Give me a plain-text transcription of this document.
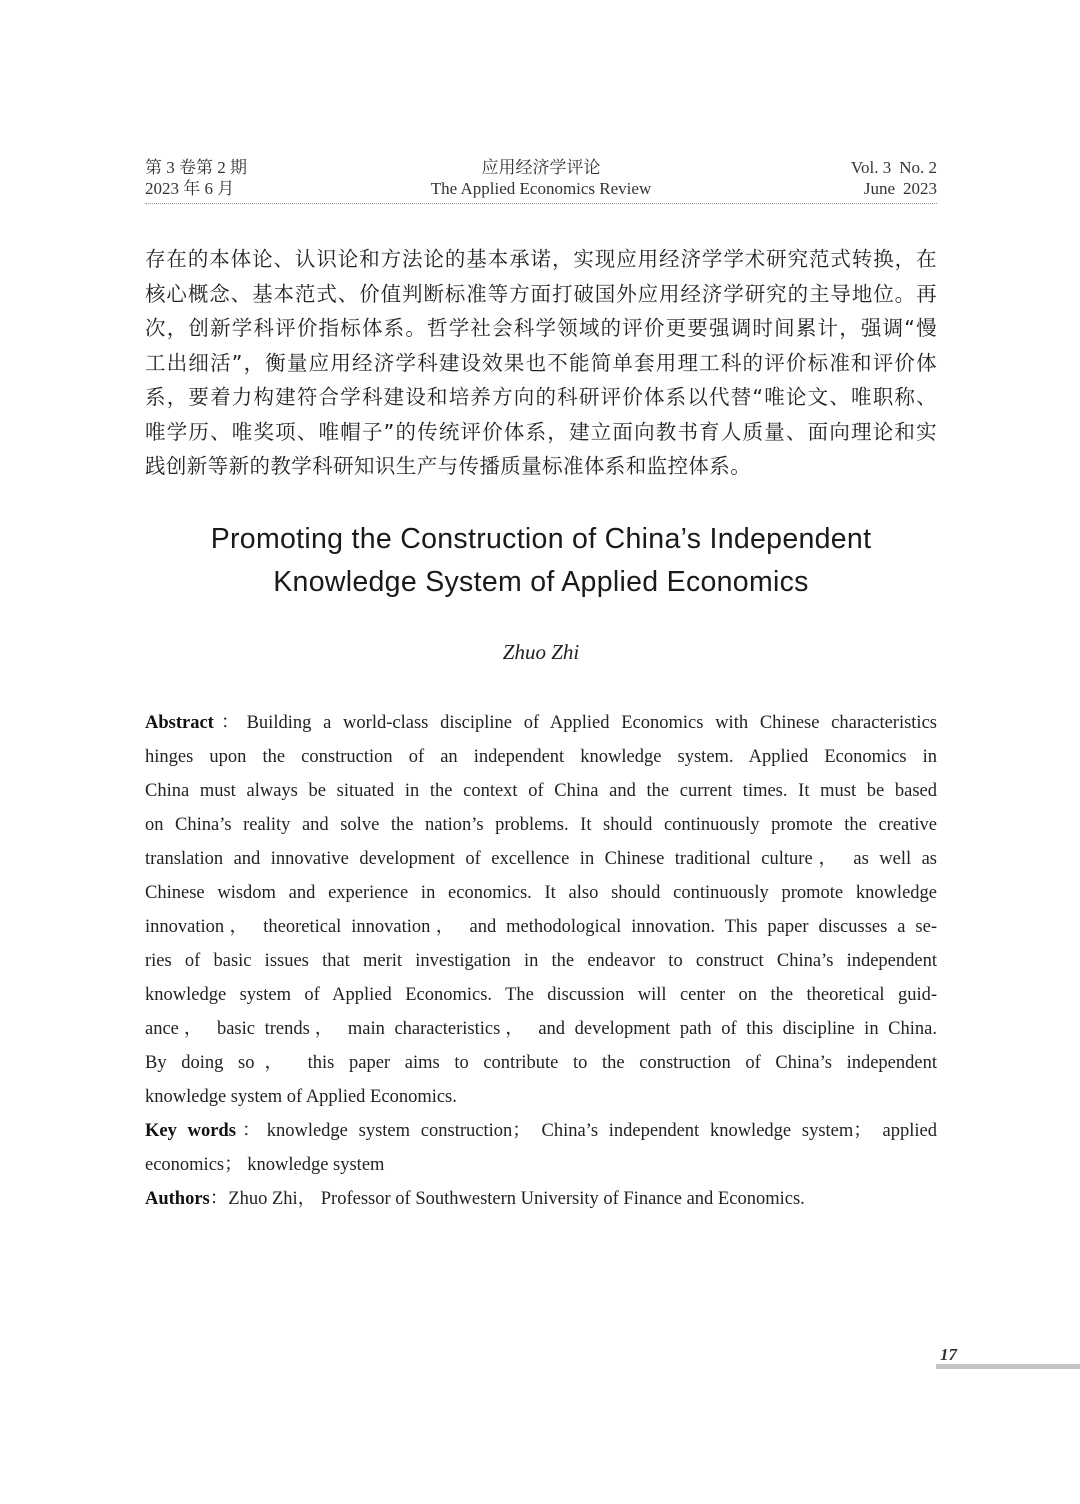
第 3 卷第 2 期
2023 年 6 月
应用经济学评论
The Applied Economics Review
Vol. 3 No. 2
June 2023
存在的本体论、认识论和方法论的基本承诺，实现应用经济学学术研究范式转换，在
核心概念、基本范式、价值判断标准等方面打破国外应用经济学研究的主导地位。再
次，创新学科评价指标体系。哲学社会科学领域的评价更要强调时间累计，强调“慢
工出细活”，衡量应用经济学科建设效果也不能简单套用理工科的评价标准和评价体
系，要着力构建符合学科建设和培养方向的科研评价体系以代替“唯论文、唯职称、
唯学历、唯奖项、唯帽子”的传统评价体系，建立面向教书育人质量、面向理论和实
践创新等新的教学科研知识生产与传播质量标准体系和监控体系。
Promoting the Construction of China’s Independent
Knowledge System of Applied Economics
Zhuo Zhi
Abstract：Building a world-class discipline of Applied Economics with Chinese characteristics
hinges upon the construction of an independent knowledge system. Applied Economics in
China must always be situated in the context of China and the current times. It must be based
on China’s reality and solve the nation’s problems. It should continuously promote the creative
translation and innovative development of excellence in Chinese traditional culture， as well as
Chinese wisdom and experience in economics. It also should continuously promote knowledge
innovation， theoretical innovation， and methodological innovation. This paper discusses a se-
ries of basic issues that merit investigation in the endeavor to construct China’s independent
knowledge system of Applied Economics. The discussion will center on the theoretical guid-
ance， basic trends， main characteristics， and development path of this discipline in China.
By doing so， this paper aims to contribute to the construction of China’s independent
knowledge system of Applied Economics.
Key words：knowledge system construction； China’s independent knowledge system； applied
economics； knowledge system
Authors：Zhuo Zhi， Professor of Southwestern University of Finance and Economics.
17
